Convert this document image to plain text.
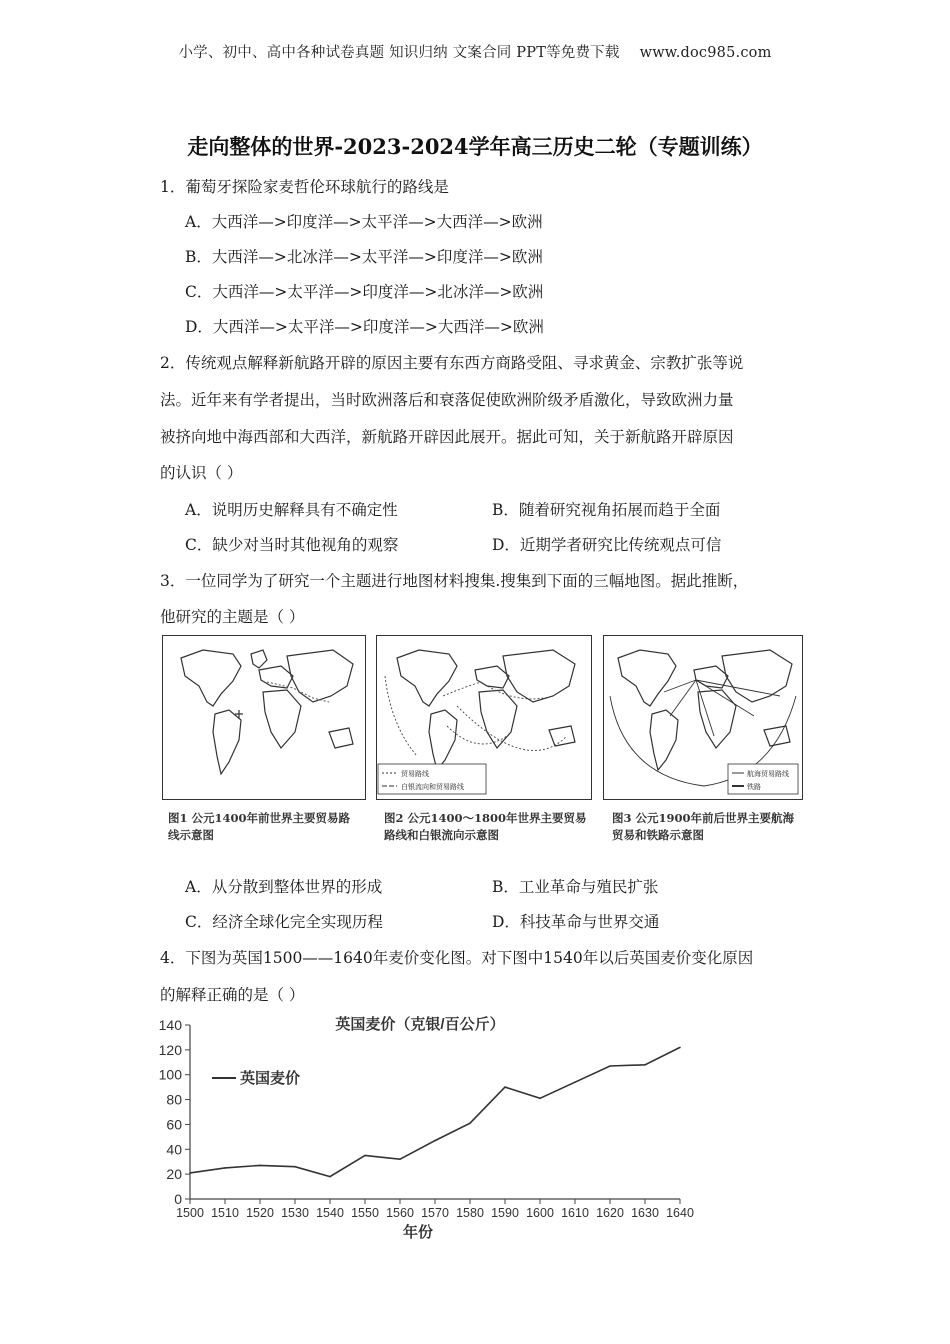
小学、初中、高中各种试卷真题 知识归纳 文案合同 PPT等免费下载 www.doc985.com
走向整体的世界-2023-2024学年高三历史二轮（专题训练）
1．葡萄牙探险家麦哲伦环球航行的路线是
A．大西洋—>印度洋—>太平洋—>大西洋—>欧洲
B．大西洋—>北冰洋—>太平洋—>印度洋—>欧洲
C．大西洋—>太平洋—>印度洋—>北冰洋—>欧洲
D．大西洋—>太平洋—>印度洋—>大西洋—>欧洲
2．传统观点解释新航路开辟的原因主要有东西方商路受阻、寻求黄金、宗教扩张等说
法。近年来有学者提出，当时欧洲落后和衰落促使欧洲阶级矛盾激化，导致欧洲力量
被挤向地中海西部和大西洋，新航路开辟因此展开。据此可知，关于新航路开辟原因
的认识（ ）
A．说明历史解释具有不确定性	B．随着研究视角拓展而趋于全面
C．缺少对当时其他视角的观察	D．近期学者研究比传统观点可信
3．一位同学为了研究一个主题进行地图材料搜集.搜集到下面的三幅地图。据此推断，
他研究的主题是（ ）
图1 公元1400年前世界主要贸易路
线示意图
贸易路线
白银流向和贸易路线
图2 公元1400～1800年世界主要贸易
路线和白银流向示意图
航海贸易路线
铁路
图3 公元1900年前后世界主要航海
贸易和铁路示意图
A．从分散到整体世界的形成	B．工业革命与殖民扩张
C．经济全球化完全实现历程	D．科技革命与世界交通
4．下图为英国1500——1640年麦价变化图。对下图中1540年以后英国麦价变化原因
的解释正确的是（ ）
英国麦价（克银/百公斤）
英国麦价
年份
0
20
40
60
80
100
120
140
1500 1510 1520 1530 1540 1550 1560 1570 1580 1590 1600 1610 1620 1630 1640
